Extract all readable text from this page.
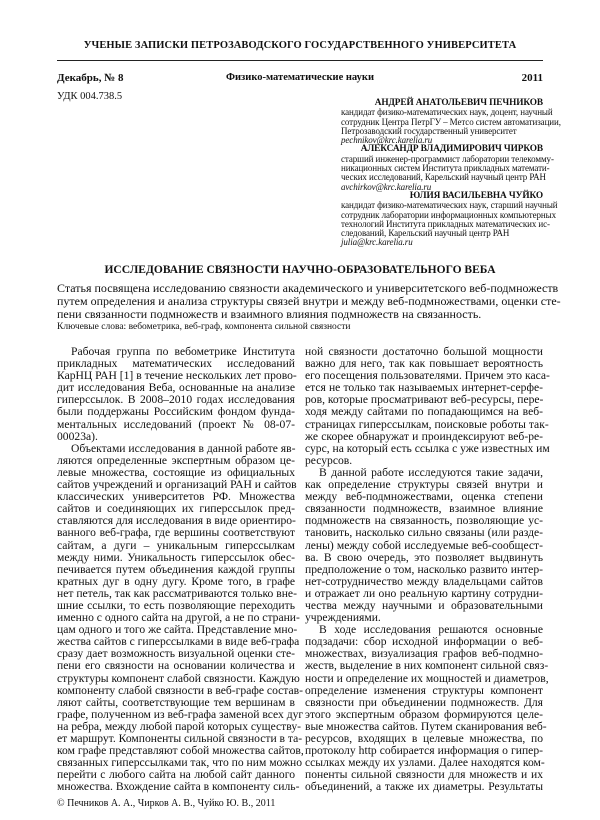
УЧЕНЫЕ ЗАПИСКИ ПЕТРОЗАВОДСКОГО ГОСУДАРСТВЕННОГО УНИВЕРСИТЕТА
Декабрь, № 8	Физико-математические науки	2011
УДК 004.738.5
АНДРЕЙ АНАТОЛЬЕВИЧ ПЕЧНИКОВ
кандидат физико-математических наук, доцент, научный
сотрудник Центра ПетрГУ – Метсо систем автоматизации,
Петрозаводский государственный университет
pechnikov@krc.karelia.ru
АЛЕКСАНДР ВЛАДИМИРОВИЧ ЧИРКОВ
старший инженер-программист лаборатории телекомму-
никационных систем Института прикладных математи-
ческих исследований, Карельский научный центр РАН
avchirkov@krc.karelia.ru
ЮЛИЯ ВАСИЛЬЕВНА ЧУЙКО
кандидат физико-математических наук, старший научный
сотрудник лаборатории информационных компьютерных
технологий Института прикладных математических ис-
следований, Карельский научный центр РАН
julia@krc.karelia.ru
ИССЛЕДОВАНИЕ СВЯЗНОСТИ НАУЧНО-ОБРАЗОВАТЕЛЬНОГО ВЕБА
Статья посвящена исследованию связности академического и университетского веб-подмножеств
путем определения и анализа структуры связей внутри и между веб-подмножествами, оценки сте-
пени связанности подмножеств и взаимного влияния подмножеств на связанность.
Ключевые слова: вебометрика, веб-граф, компонента сильной связности
Рабочая группа по вебометрике Института
прикладных математических исследований
КарНЦ РАН [1] в течение нескольких лет прово-
дит исследования Веба, основанные на анализе
гиперссылок. В 2008–2010 годах исследования
были поддержаны Российским фондом фунда-
ментальных исследований (проект № 08-07-
00023а).
Объектами исследования в данной работе яв-
ляются определенные экспертным образом це-
левые множества, состоящие из официальных
сайтов учреждений и организаций РАН и сайтов
классических университетов РФ. Множества
сайтов и соединяющих их гиперссылок пред-
ставляются для исследования в виде ориентиро-
ванного веб-графа, где вершины соответствуют
сайтам, а дуги – уникальным гиперссылкам
между ними. Уникальность гиперссылок обес-
печивается путем объединения каждой группы
кратных дуг в одну дугу. Кроме того, в графе
нет петель, так как рассматриваются только вне-
шние ссылки, то есть позволяющие переходить
именно с одного сайта на другой, а не по страни-
цам одного и того же сайта. Представление мно-
жества сайтов с гиперссылками в виде веб-графа
сразу дает возможность визуальной оценки сте-
пени его связности на основании количества и
структуры компонент слабой связности. Каждую
компоненту слабой связности в веб-графе состав-
ляют сайты, соответствующие тем вершинам в
графе, полученном из веб-графа заменой всех дуг
на ребра, между любой парой которых существу-
ет маршрут. Компоненты сильной связности в та-
ком графе представляют собой множества сайтов,
связанных гиперссылками так, что по ним можно
перейти с любого сайта на любой сайт данного
множества. Вхождение сайта в компоненту силь-
ной связности достаточно большой мощности
важно для него, так как повышает вероятность
его посещения пользователями. Причем это каса-
ется не только так называемых интернет-серфе-
ров, которые просматривают веб-ресурсы, пере-
ходя между сайтами по попадающимся на веб-
страницах гиперссылкам, поисковые роботы так-
же скорее обнаружат и проиндексируют веб-ре-
сурс, на который есть ссылка с уже известных им
ресурсов.
В данной работе исследуются такие задачи,
как определение структуры связей внутри и
между веб-подмножествами, оценка степени
связанности подмножеств, взаимное влияние
подмножеств на связанность, позволяющие ус-
тановить, насколько сильно связаны (или разде-
лены) между собой исследуемые веб-сообщест-
ва. В свою очередь, это позволяет выдвинуть
предположение о том, насколько развито интер-
нет-сотрудничество между владельцами сайтов
и отражает ли оно реальную картину сотрудни-
чества между научными и образовательными
учреждениями.
В ходе исследования решаются основные
подзадачи: сбор исходной информации о веб-
множествах, визуализация графов веб-подмно-
жеств, выделение в них компонент сильной связ-
ности и определение их мощностей и диаметров,
определение изменения структуры компонент
связности при объединении подмножеств. Для
этого экспертным образом формируются целе-
вые множества сайтов. Путем сканирования веб-
ресурсов, входящих в целевые множества, по
протоколу http собирается информация о гипер-
ссылках между их узлами. Далее находятся ком-
поненты сильной связности для множеств и их
объединений, а также их диаметры. Результаты
© Печников А. А., Чирков А. В., Чуйко Ю. В., 2011
